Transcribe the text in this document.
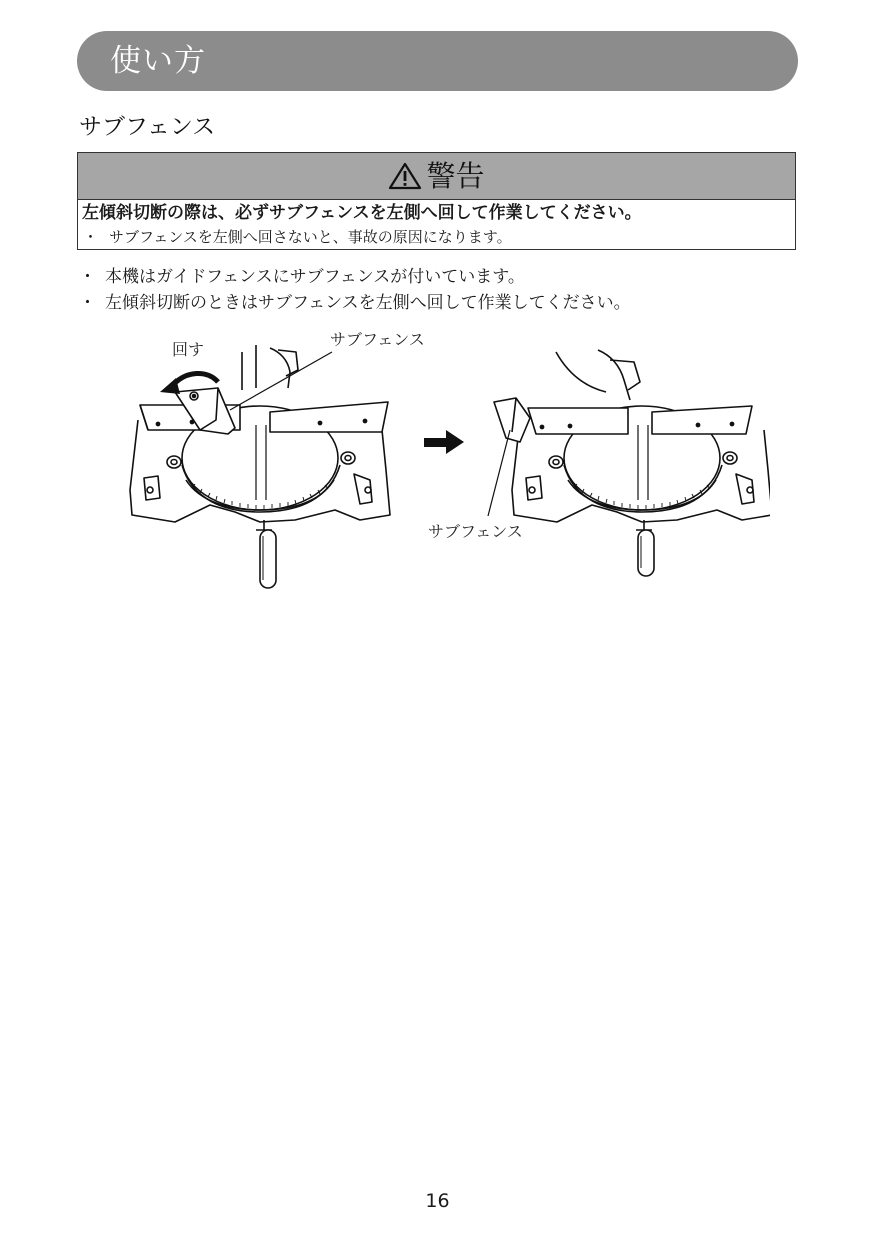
使い方
サブフェンス
警告
左傾斜切断の際は、必ずサブフェンスを左側へ回して作業してください。
・ サブフェンスを左側へ回さないと、事故の原因になります。
・ 本機はガイドフェンスにサブフェンスが付いています。
・ 左傾斜切断のときはサブフェンスを左側へ回して作業してください。
回す
サブフェンス
サブフェンス
16
